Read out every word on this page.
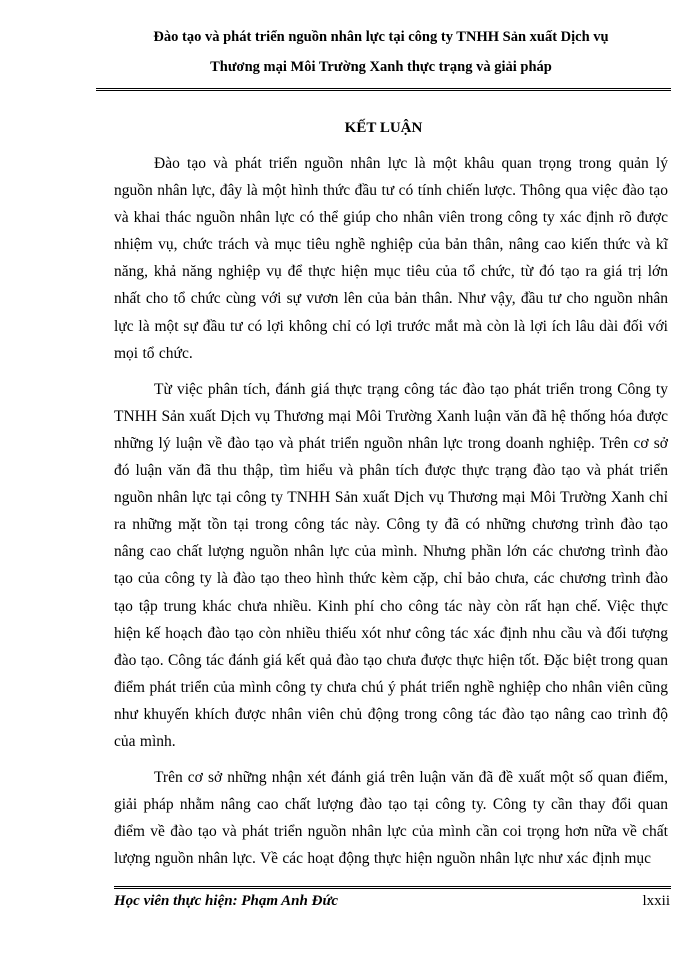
Đào tạo và phát triển nguồn nhân lực tại công ty TNHH Sản xuất Dịch vụ
Thương mại Môi Trường Xanh thực trạng và giải pháp
KẾT LUẬN

Đào tạo và phát triển nguồn nhân lực là một khâu quan trọng trong quản lý nguồn nhân lực, đây là một hình thức đầu tư có tính chiến lược. Thông qua việc đào tạo và khai thác nguồn nhân lực có thể giúp cho nhân viên trong công ty xác định rõ được nhiệm vụ, chức trách và mục tiêu nghề nghiệp của bản thân, nâng cao kiến thức và kĩ năng, khả năng nghiệp vụ để thực hiện mục tiêu của tổ chức, từ đó tạo ra giá trị lớn nhất cho tổ chức cùng với sự vươn lên của bản thân. Như vậy, đầu tư cho nguồn nhân lực là một sự đầu tư có lợi không chỉ có lợi trước mắt mà còn là lợi ích lâu dài đối với mọi tổ chức.

Từ việc phân tích, đánh giá thực trạng công tác đào tạo phát triển trong Công ty TNHH Sản xuất Dịch vụ Thương mại Môi Trường Xanh luận văn đã hệ thống hóa được những lý luận về đào tạo và phát triển nguồn nhân lực trong doanh nghiệp. Trên cơ sở đó luận văn đã thu thập, tìm hiểu và phân tích được thực trạng đào tạo và phát triển nguồn nhân lực tại công ty TNHH Sản xuất Dịch vụ Thương mại Môi Trường Xanh chỉ ra những mặt tồn tại trong công tác này. Công ty đã có những chương trình đào tạo nâng cao chất lượng nguồn nhân lực của mình. Nhưng phần lớn các chương trình đào tạo của công ty là đào tạo theo hình thức kèm cặp, chỉ bảo chưa, các chương trình đào tạo tập trung khác chưa nhiều. Kinh phí cho công tác này còn rất hạn chế. Việc thực hiện kế hoạch đào tạo còn nhiều thiếu xót như công tác xác định nhu cầu và đối tượng đào tạo. Công tác đánh giá kết quả đào tạo chưa được thực hiện tốt. Đặc biệt trong quan điểm phát triển của mình công ty chưa chú ý phát triển nghề nghiệp cho nhân viên cũng như khuyến khích được nhân viên chủ động trong công tác đào tạo nâng cao trình độ của mình.

Trên cơ sở những nhận xét đánh giá trên luận văn đã đề xuất một số quan điểm, giải pháp nhằm nâng cao chất lượng đào tạo tại công ty. Công ty cần thay đổi quan điểm về đào tạo và phát triển nguồn nhân lực của mình cần coi trọng hơn nữa về chất lượng nguồn nhân lực. Về các hoạt động thực hiện nguồn nhân lực như xác định mục

Học viên thực hiện: Phạm Anh Đức	lxxii
